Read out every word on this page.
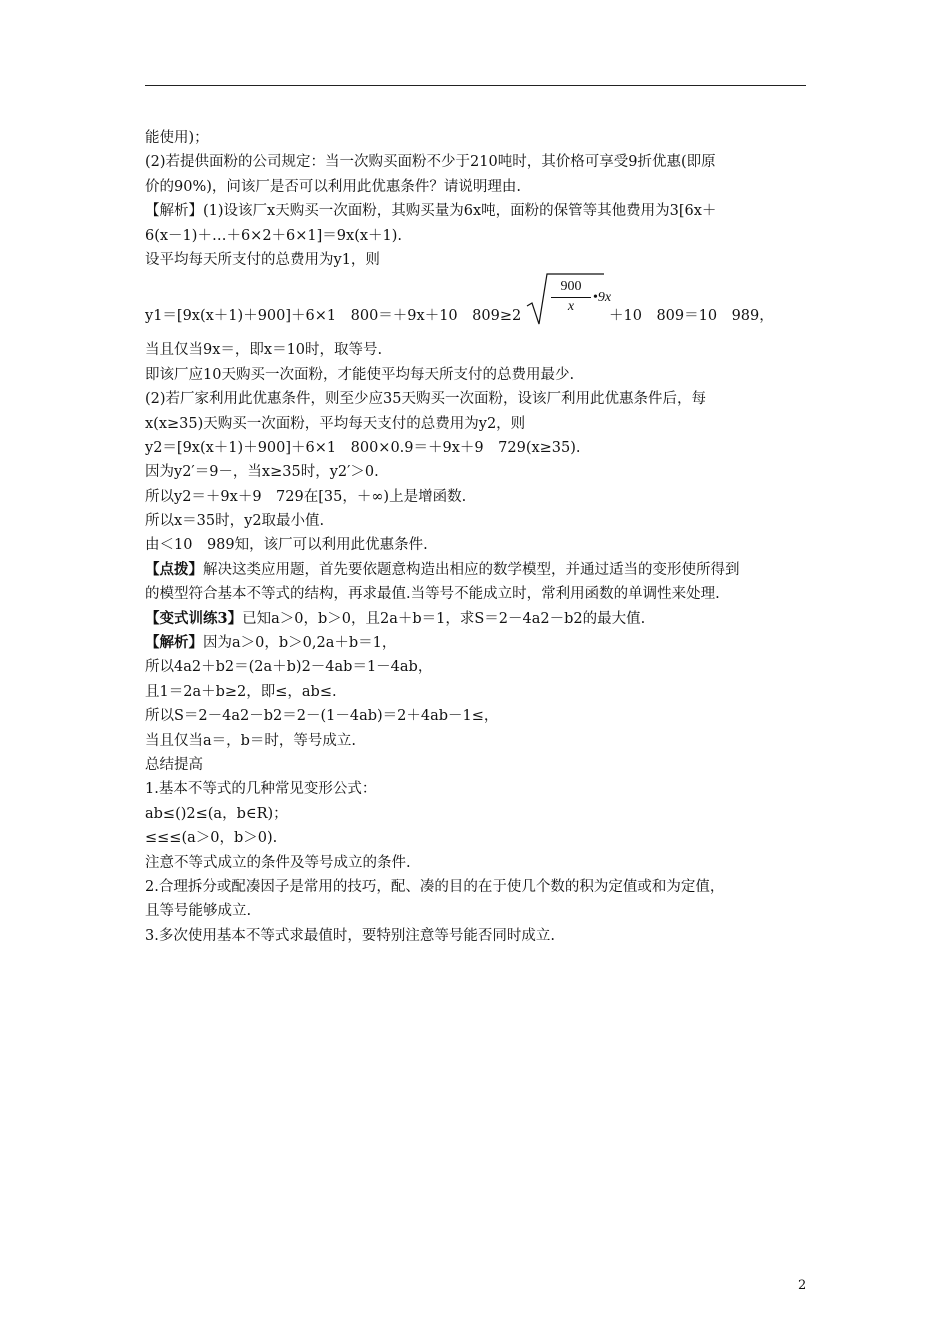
能使用)；
(2)若提供面粉的公司规定：当一次购买面粉不少于210吨时，其价格可享受9折优惠(即原
价的90%)，问该厂是否可以利用此优惠条件？请说明理由.
【解析】(1)设该厂x天购买一次面粉，其购买量为6x吨，面粉的保管等其他费用为3[6x＋
6(x－1)＋…＋6×2＋6×1]＝9x(x＋1).
设平均每天所支付的总费用为y1，则
y1＝[9x(x＋1)＋900]＋6×1　800＝＋9x＋10　809≥2
900
x
•9x
＋10　809＝10　989，
当且仅当9x＝，即x＝10时，取等号.
即该厂应10天购买一次面粉，才能使平均每天所支付的总费用最少.
(2)若厂家利用此优惠条件，则至少应35天购买一次面粉，设该厂利用此优惠条件后，每
x(x≥35)天购买一次面粉，平均每天支付的总费用为y2，则
y2＝[9x(x＋1)＋900]＋6×1　800×0.9＝＋9x＋9　729(x≥35).
因为y2′＝9－，当x≥35时，y2′＞0.
所以y2＝＋9x＋9　729在[35，＋∞)上是增函数.
所以x＝35时，y2取最小值.
由＜10　989知，该厂可以利用此优惠条件.
【点拨】解决这类应用题，首先要依题意构造出相应的数学模型，并通过适当的变形使所得到
的模型符合基本不等式的结构，再求最值.当等号不能成立时，常利用函数的单调性来处理.
【变式训练3】已知a＞0，b＞0，且2a＋b＝1，求S＝2－4a2－b2的最大值.
【解析】因为a＞0，b＞0,2a＋b＝1，
所以4a2＋b2＝(2a＋b)2－4ab＝1－4ab，
且1＝2a＋b≥2，即≤，ab≤.
所以S＝2－4a2－b2＝2－(1－4ab)＝2＋4ab－1≤，
当且仅当a＝，b＝时，等号成立.
总结提高
1.基本不等式的几种常见变形公式：
ab≤()2≤(a，b∈R)；
≤≤≤(a＞0，b＞0).
注意不等式成立的条件及等号成立的条件.
2.合理拆分或配凑因子是常用的技巧，配、凑的目的在于使几个数的积为定值或和为定值，
且等号能够成立.
3.多次使用基本不等式求最值时，要特别注意等号能否同时成立.
2
